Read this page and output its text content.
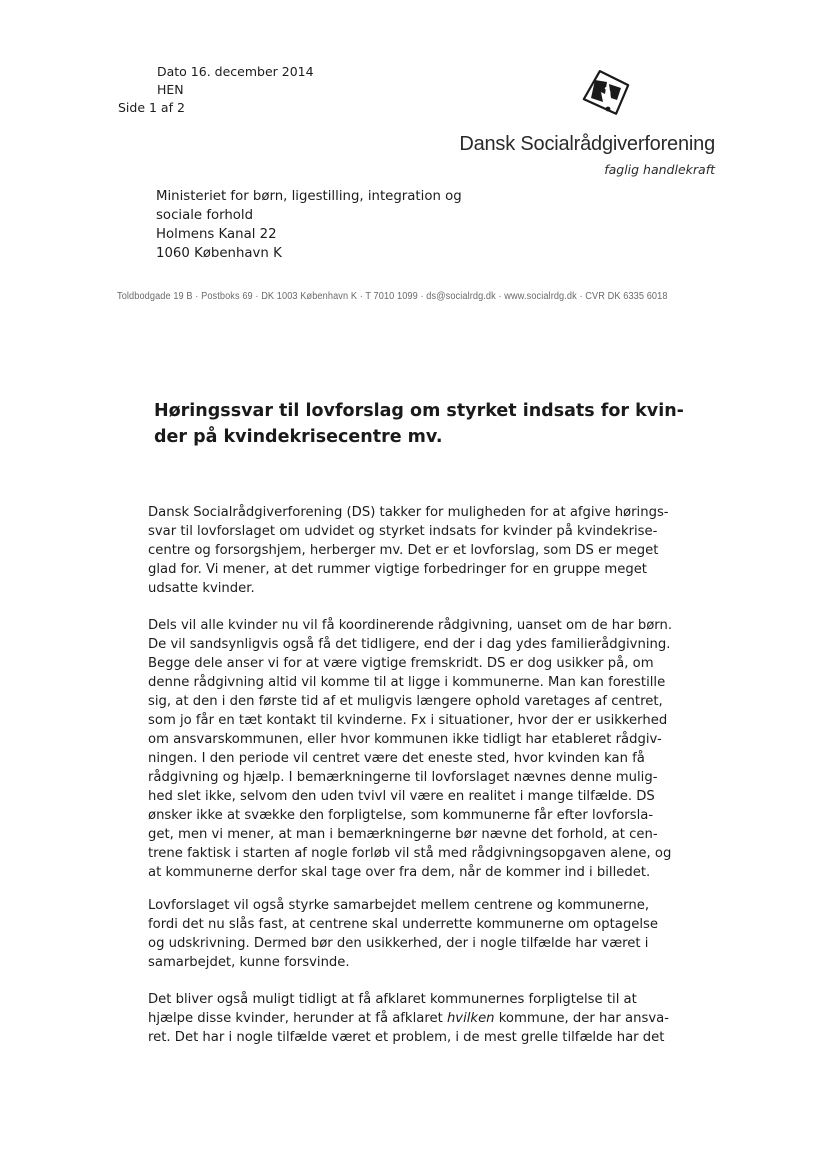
Dato 16. december 2014
HEN
Side 1 af 2
Dansk Socialrådgiverforening
faglig handlekraft
Ministeriet for børn, ligestilling, integration og
sociale forhold
Holmens Kanal 22
1060 København K
Toldbodgade 19 B · Postboks 69 · DK 1003 København K · T 7010 1099 · ds@socialrdg.dk · www.socialrdg.dk · CVR DK 6335 6018
Høringssvar til lovforslag om styrket indsats for kvin-
der på kvindekrisecentre mv.
Dansk Socialrådgiverforening (DS) takker for muligheden for at afgive hørings-
svar til lovforslaget om udvidet og styrket indsats for kvinder på kvindekrise-
centre og forsorgshjem, herberger mv. Det er et lovforslag, som DS er meget
glad for. Vi mener, at det rummer vigtige forbedringer for en gruppe meget
udsatte kvinder.
Dels vil alle kvinder nu vil få koordinerende rådgivning, uanset om de har børn.
De vil sandsynligvis også få det tidligere, end der i dag ydes familierådgivning.
Begge dele anser vi for at være vigtige fremskridt. DS er dog usikker på, om
denne rådgivning altid vil komme til at ligge i kommunerne. Man kan forestille
sig, at den i den første tid af et muligvis længere ophold varetages af centret,
som jo får en tæt kontakt til kvinderne. Fx i situationer, hvor der er usikkerhed
om ansvarskommunen, eller hvor kommunen ikke tidligt har etableret rådgiv-
ningen. I den periode vil centret være det eneste sted, hvor kvinden kan få
rådgivning og hjælp. I bemærkningerne til lovforslaget nævnes denne mulig-
hed slet ikke, selvom den uden tvivl vil være en realitet i mange tilfælde. DS
ønsker ikke at svække den forpligtelse, som kommunerne får efter lovforsla-
get, men vi mener, at man i bemærkningerne bør nævne det forhold, at cen-
trene faktisk i starten af nogle forløb vil stå med rådgivningsopgaven alene, og
at kommunerne derfor skal tage over fra dem, når de kommer ind i billedet.
Lovforslaget vil også styrke samarbejdet mellem centrene og kommunerne,
fordi det nu slås fast, at centrene skal underrette kommunerne om optagelse
og udskrivning. Dermed bør den usikkerhed, der i nogle tilfælde har været i
samarbejdet, kunne forsvinde.
Det bliver også muligt tidligt at få afklaret kommunernes forpligtelse til at
hjælpe disse kvinder, herunder at få afklaret hvilken kommune, der har ansva-
ret. Det har i nogle tilfælde været et problem, i de mest grelle tilfælde har det
